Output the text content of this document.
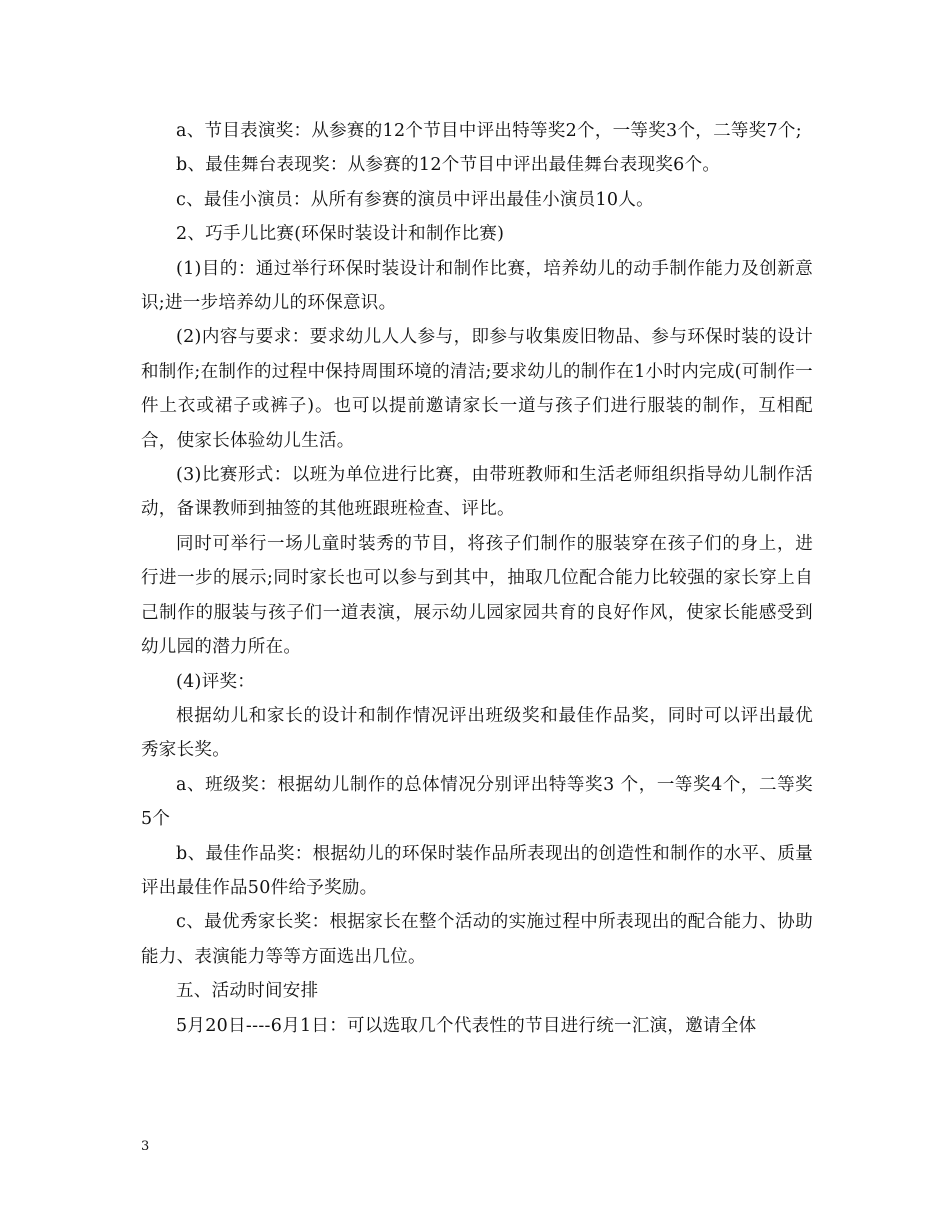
a、节目表演奖：从参赛的12个节目中评出特等奖2个，一等奖3个，二等奖7个;

b、最佳舞台表现奖：从参赛的12个节目中评出最佳舞台表现奖6个。

c、最佳小演员：从所有参赛的演员中评出最佳小演员10人。

2、巧手儿比赛(环保时装设计和制作比赛)

(1)目的：通过举行环保时装设计和制作比赛，培养幼儿的动手制作能力及创新意识;进一步培养幼儿的环保意识。

(2)内容与要求：要求幼儿人人参与，即参与收集废旧物品、参与环保时装的设计和制作;在制作的过程中保持周围环境的清洁;要求幼儿的制作在1小时内完成(可制作一件上衣或裙子或裤子)。也可以提前邀请家长一道与孩子们进行服装的制作，互相配合，使家长体验幼儿生活。

(3)比赛形式：以班为单位进行比赛，由带班教师和生活老师组织指导幼儿制作活动，备课教师到抽签的其他班跟班检查、评比。

同时可举行一场儿童时装秀的节目，将孩子们制作的服装穿在孩子们的身上，进行进一步的展示;同时家长也可以参与到其中，抽取几位配合能力比较强的家长穿上自己制作的服装与孩子们一道表演，展示幼儿园家园共育的良好作风，使家长能感受到幼儿园的潜力所在。

(4)评奖：

根据幼儿和家长的设计和制作情况评出班级奖和最佳作品奖，同时可以评出最优秀家长奖。

a、班级奖：根据幼儿制作的总体情况分别评出特等奖3 个，一等奖4个，二等奖5个

b、最佳作品奖：根据幼儿的环保时装作品所表现出的创造性和制作的水平、质量评出最佳作品50件给予奖励。

c、最优秀家长奖：根据家长在整个活动的实施过程中所表现出的配合能力、协助能力、表演能力等等方面选出几位。

五、活动时间安排

5月20日----6月1日：可以选取几个代表性的节目进行统一汇演，邀请全体

3
